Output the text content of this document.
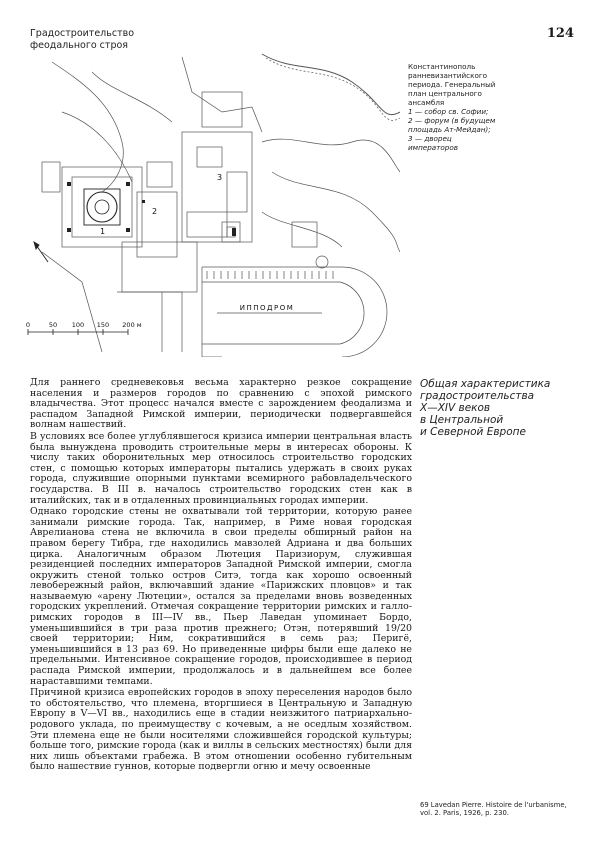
Градостроительство
феодального строя
124
1
2
3
ИППОДРОМ
0	50 100 150 200 м

Константинополь

ранневизантийского

периода. Генеральный

план центрального

ансамбля

1 — собор св. Софии;

2 — форум (в будущем

площадь Ат-Мейдан);

3 — дворец

императоров

Общая характеристика
градостроительства
X—XIV веков
в Центральной
и Северной Европе

Для раннего средневековья весьма характерно резкое сокращение населения и размеров городов по сравнению с эпохой римского владычества. Этот процесс начался вместе с зарождением феодализма и распадом Западной Римской империи, периодически подвергавшейся волнам нашествий.

В условиях все более углублявшегося кризиса империи центральная власть была вынуждена проводить строительные меры в интересах обороны. К числу таких оборонительных мер относилось строительство городских стен, с помощью которых императоры пытались удержать в своих руках города, служившие опорными пунктами всемирного рабовладельческого государства. В III в. началось строительство городских стен как в италийских, так и в отдаленных провинциальных городах империи.

Однако городские стены не охватывали той территории, которую ранее занимали римские города. Так, например, в Риме новая городская Аврелианова стена не включила в свои пределы обширный район на правом берегу Тибра, где находились мавзолей Адриана и два больших цирка. Аналогичным образом Лютеция Паризиорум, служившая резиденцией последних императоров Западной Римской империи, смогла окружить стеной только остров Ситэ, тогда как хорошо освоенный левобережный район, включавший здание «Парижских пловцов» и так называемую «арену Лютеции», остался за пределами вновь возведенных городских укреплений. Отмечая сокращение территории римских и галло-римских городов в III—IV вв., Пьер Лаведан упоминает Бордо, уменьшившийся в три раза против прежнего; Отэн, потерявший 19/20 своей территории; Ним, сократившийся в семь раз; Перигё, уменьшившийся в 13 раз 69. Но приведенные цифры были еще далеко не предельными. Интенсивное сокращение городов, происходившее в период распада Римской империи, продолжалось и в дальнейшем все более нараставшими темпами.

Причиной кризиса европейских городов в эпоху переселения народов было то обстоятельство, что племена, вторгшиеся в Центральную и Западную Европу в V—VI вв., находились еще в стадии неизжитого патриархально-родового уклада, по преимуществу с кочевым, а не оседлым хозяйством. Эти племена еще не были носителями сложившейся городской культуры; больше того, римские города (как и виллы в сельских местностях) были для них лишь объектами грабежа. В этом отношении особенно губительным было нашествие гуннов, которые подвергли огню и мечу освоенные

69 Lavedan Pierre. Histoire de l'urbanisme, vol. 2. Paris, 1926, p. 230.
